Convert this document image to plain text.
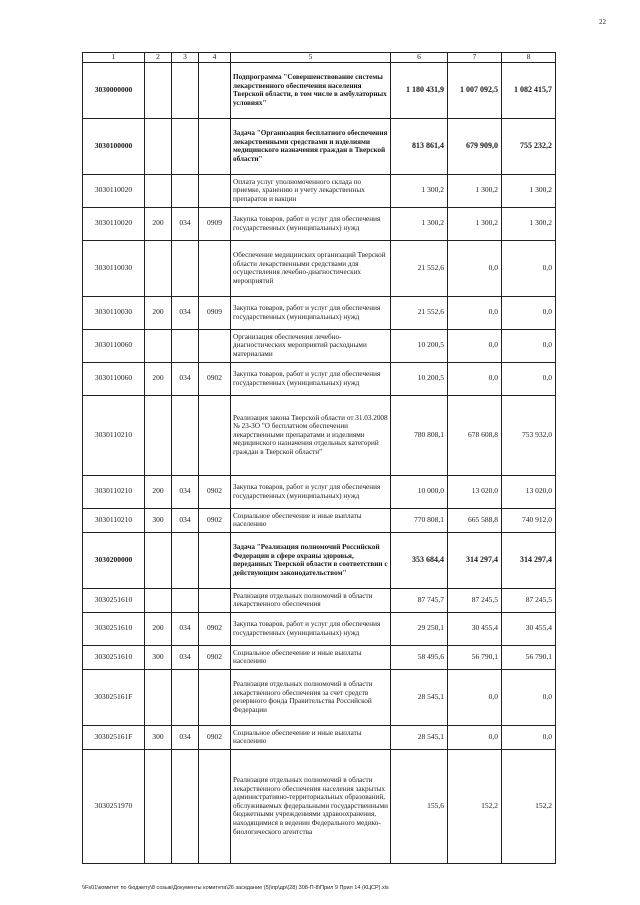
22
1	2	3	4	5	6	7	8
3030000000				Подпрограмма "Совершенствование системы лекарственного обеспечения населения Тверской области, в том числе в амбулаторных условиях"	1 180 431,9	1 007 092,5	1 082 415,7
3030100000				Задача "Организация бесплатного обеспечения лекарственными средствами и изделиями медицинского назначения граждан в Тверской области"	813 861,4	679 909,0	755 232,2
3030110020				Оплата услуг уполномоченного склада по приемке, хранению и учету лекарственных препаратов и вакцин	1 300,2	1 300,2	1 300,2
3030110020	200	034	0909	Закупка товаров, работ и услуг для обеспечения государственных (муниципальных) нужд	1 300,2	1 300,2	1 300,2
3030110030				Обеспечение медицинских организаций Тверской области лекарственными средствами для осуществления лечебно-диагностических мероприятий	21 552,6	0,0	0,0
3030110030	200	034	0909	Закупка товаров, работ и услуг для обеспечения государственных (муниципальных) нужд	21 552,6	0,0	0,0
3030110060				Организация обеспечения лечебно-диагностических мероприятий расходными материалами	10 200,5	0,0	0,0
3030110060	200	034	0902	Закупка товаров, работ и услуг для обеспечения государственных (муниципальных) нужд	10 200,5	0,0	0,0
3030110210				Реализация закона Тверской области от 31.03.2008 № 23-ЗО "О бесплатном обеспечении лекарственными препаратами и изделиями медицинского назначения отдельных категорий граждан в Тверской области"	780 808,1	678 608,8	753 932,0
3030110210	200	034	0902	Закупка товаров, работ и услуг для обеспечения государственных (муниципальных) нужд	10 000,0	13 020,0	13 020,0
3030110210	300	034	0902	Социальное обеспечение и иные выплаты населению	770 808,1	665 588,8	740 912,0
3030200000				Задача "Реализация полномочий Российской Федерации в сфере охраны здоровья, переданных Тверской области в соответствии с действующим законодательством"	353 684,4	314 297,4	314 297,4
3030251610				Реализация отдельных полномочий в области лекарственного обеспечения	87 745,7	87 245,5	87 245,5
3030251610	200	034	0902	Закупка товаров, работ и услуг для обеспечения государственных (муниципальных) нужд	29 250,1	30 455,4	30 455,4
3030251610	300	034	0902	Социальное обеспечение и иные выплаты населению	58 495,6	56 790,1	56 790,1
303025161F				Реализация отдельных полномочий в области лекарственного обеспечения за счет средств резервного фонда Правительства Российской Федерации	28 545,1	0,0	0,0
303025161F	300	034	0902	Социальное обеспечение и иные выплаты населению	28 545,1	0,0	0,0
3030251970				Реализация отдельных полномочий в области лекарственного обеспечения населения закрытых административно-территориальных образований, обслуживаемых федеральными государственными бюджетными учреждениями здравоохранения, находящимися в ведении Федерального медико-биологического агентства	155,6	152,2	152,2
\\Fs01\комитет по бюджету\8 созыв\Документы комитета\26 заседание (5)\пр\др\(28) 308-П-8\Прил 9 Прил 14 (КЦСР).xls
